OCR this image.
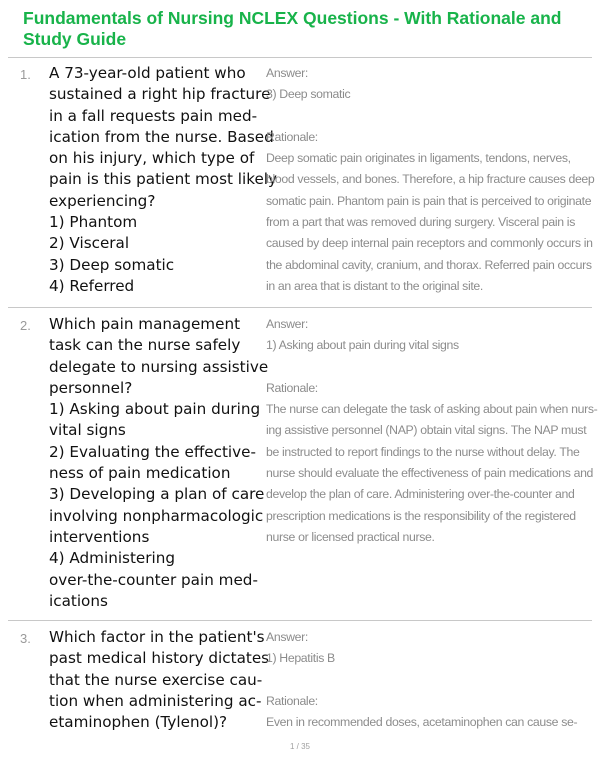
Fundamentals of Nursing NCLEX Questions - With Rationale and
Study Guide
1. A 73-year-old patient who
sustained a right hip fracture
in a fall requests pain med-
ication from the nurse. Based
on his injury, which type of
pain is this patient most likely
experiencing?
1) Phantom
2) Visceral
3) Deep somatic
4) Referred
Answer:
3) Deep somatic
Rationale:
Deep somatic pain originates in ligaments, tendons, nerves,
blood vessels, and bones. Therefore, a hip fracture causes deep
somatic pain. Phantom pain is pain that is perceived to originate
from a part that was removed during surgery. Visceral pain is
caused by deep internal pain receptors and commonly occurs in
the abdominal cavity, cranium, and thorax. Referred pain occurs
in an area that is distant to the original site.
2. Which pain management
task can the nurse safely
delegate to nursing assistive
personnel?
1) Asking about pain during
vital signs
2) Evaluating the effective-
ness of pain medication
3) Developing a plan of care
involving nonpharmacologic
interventions
4) Administering
over-the-counter pain med-
ications
Answer:
1) Asking about pain during vital signs
Rationale:
The nurse can delegate the task of asking about pain when nurs-
ing assistive personnel (NAP) obtain vital signs. The NAP must
be instructed to report findings to the nurse without delay. The
nurse should evaluate the effectiveness of pain medications and
develop the plan of care. Administering over-the-counter and
prescription medications is the responsibility of the registered
nurse or licensed practical nurse.
3. Which factor in the patient's
past medical history dictates
that the nurse exercise cau-
tion when administering ac-
etaminophen (Tylenol)?
Answer:
1) Hepatitis B
Rationale:
Even in recommended doses, acetaminophen can cause se-
1 / 35
